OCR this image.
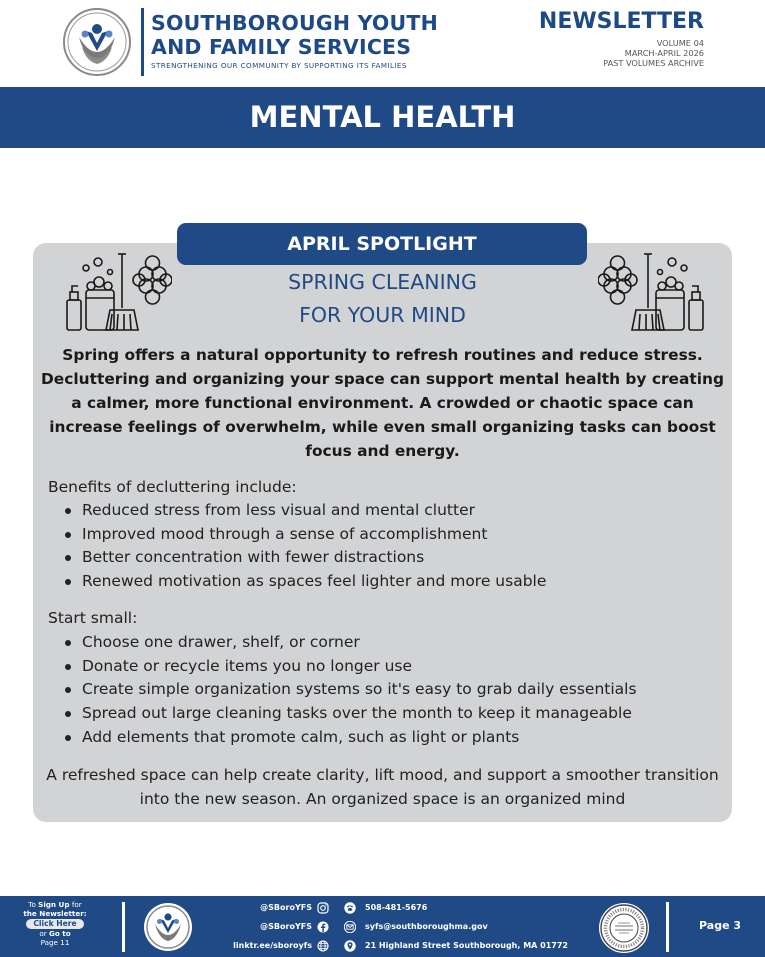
SOUTHBOROUGH YOUTH
AND FAMILY SERVICES
STRENGTHENING OUR COMMUNITY BY SUPPORTING ITS FAMILIES
NEWSLETTER
VOLUME 04
MARCH-APRIL 2026
PAST VOLUMES ARCHIVE
MENTAL HEALTH
APRIL SPOTLIGHT
SPRING CLEANING
FOR YOUR MIND
Spring offers a natural opportunity to refresh routines and reduce stress. Decluttering and organizing your space can support mental health by creating a calmer, more functional environment. A crowded or chaotic space can increase feelings of overwhelm, while even small organizing tasks can boost focus and energy.
Benefits of decluttering include:
Reduced stress from less visual and mental clutter
Improved mood through a sense of accomplishment
Better concentration with fewer distractions
Renewed motivation as spaces feel lighter and more usable
Start small:
Choose one drawer, shelf, or corner
Donate or recycle items you no longer use
Create simple organization systems so it's easy to grab daily essentials
Spread out large cleaning tasks over the month to keep it manageable
Add elements that promote calm, such as light or plants
A refreshed space can help create clarity, lift mood, and support a smoother transition into the new season. An organized space is an organized mind
To Sign Up for
the Newsletter:
Click Here
or Go to
Page 11
Page 3
@SBoroYFS
@SBoroYFS
linktr.ee/sboroyfs
508-481-5676
syfs@southboroughma.gov
21 Highland Street Southborough, MA 01772
